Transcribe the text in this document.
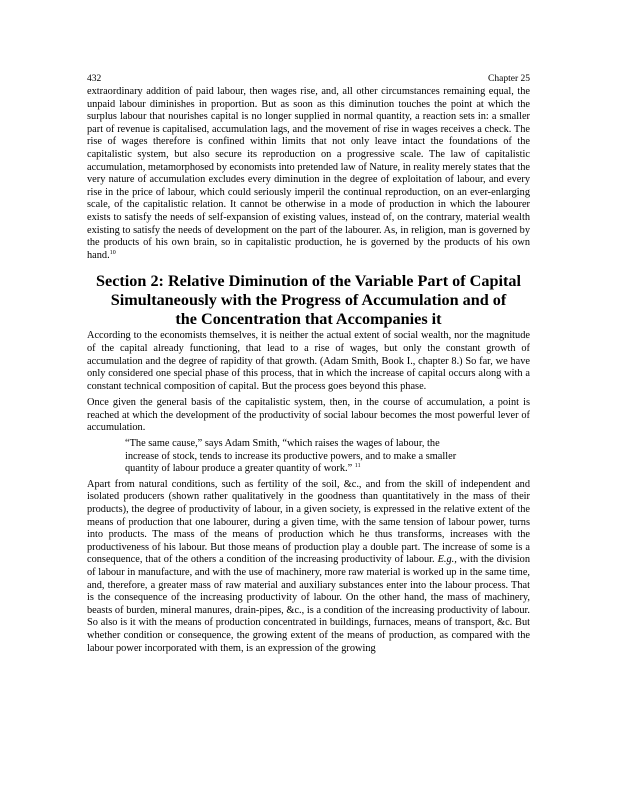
432	Chapter 25

extraordinary addition of paid labour, then wages rise, and, all other circumstances remaining equal, the unpaid labour diminishes in proportion. But as soon as this diminution touches the point at which the surplus labour that nourishes capital is no longer supplied in normal quantity, a reaction sets in: a smaller part of revenue is capitalised, accumulation lags, and the movement of rise in wages receives a check. The rise of wages therefore is confined within limits that not only leave intact the foundations of the capitalistic system, but also secure its reproduction on a progressive scale. The law of capitalistic accumulation, metamorphosed by economists into pretended law of Nature, in reality merely states that the very nature of accumulation excludes every diminution in the degree of exploitation of labour, and every rise in the price of labour, which could seriously imperil the continual reproduction, on an ever-enlarging scale, of the capitalistic relation. It cannot be otherwise in a mode of production in which the labourer exists to satisfy the needs of self-expansion of existing values, instead of, on the contrary, material wealth existing to satisfy the needs of development on the part of the labourer. As, in religion, man is governed by the products of his own brain, so in capitalistic production, he is governed by the products of his own hand.$^{10}$

Section 2: Relative Diminution of the Variable Part of Capital
Simultaneously with the Progress of Accumulation and of
the Concentration that Accompanies it

According to the economists themselves, it is neither the actual extent of social wealth, nor the magnitude of the capital already functioning, that lead to a rise of wages, but only the constant growth of accumulation and the degree of rapidity of that growth. (Adam Smith, Book I., chapter 8.) So far, we have only considered one special phase of this process, that in which the increase of capital occurs along with a constant technical composition of capital. But the process goes beyond this phase.

Once given the general basis of the capitalistic system, then, in the course of accumulation, a point is reached at which the development of the productivity of social labour becomes the most powerful lever of accumulation.

“The same cause,” says Adam Smith, “which raises the wages of labour, the
increase of stock, tends to increase its productive powers, and to make a smaller
quantity of labour produce a greater quantity of work.” $^{11}$

Apart from natural conditions, such as fertility of the soil, &c., and from the skill of independent and isolated producers (shown rather qualitatively in the goodness than quantitatively in the mass of their products), the degree of productivity of labour, in a given society, is expressed in the relative extent of the means of production that one labourer, during a given time, with the same tension of labour power, turns into products. The mass of the means of production which he thus transforms, increases with the productiveness of his labour. But those means of production play a double part. The increase of some is a consequence, that of the others a condition of the increasing productivity of labour. E.g., with the division of labour in manufacture, and with the use of machinery, more raw material is worked up in the same time, and, therefore, a greater mass of raw material and auxiliary substances enter into the labour process. That is the consequence of the increasing productivity of labour. On the other hand, the mass of machinery, beasts of burden, mineral manures, drain-pipes, &c., is a condition of the increasing productivity of labour. So also is it with the means of production concentrated in buildings, furnaces, means of transport, &c. But whether condition or consequence, the growing extent of the means of production, as compared with the labour power incorporated with them, is an expression of the growing
